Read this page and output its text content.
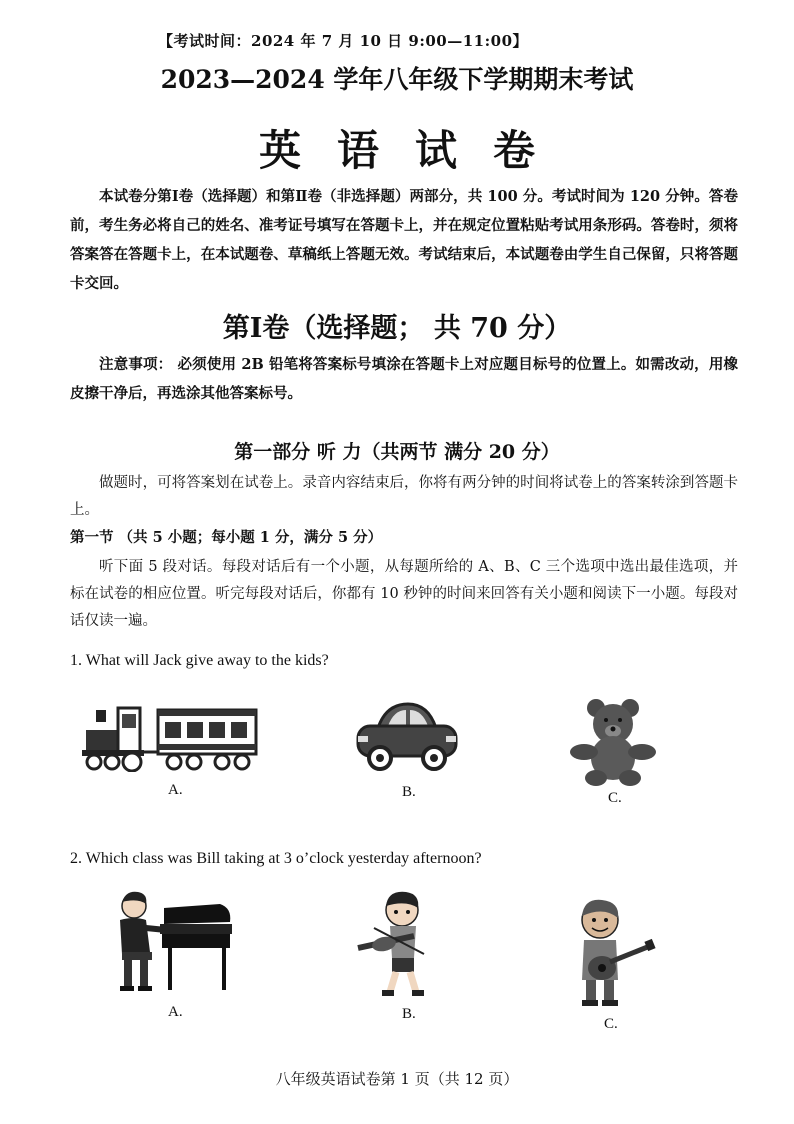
【考试时间：2024 年 7 月 10 日 9:00—11:00】
2023—2024 学年八年级下学期期末考试
英语试卷
本试卷分第Ⅰ卷（选择题）和第Ⅱ卷（非选择题）两部分，共 100 分。考试时间为 120 分钟。答卷前，考生务必将自己的姓名、准考证号填写在答题卡上，并在规定位置粘贴考试用条形码。答卷时，须将答案答在答题卡上，在本试题卷、草稿纸上答题无效。考试结束后，本试题卷由学生自己保留，只将答题卡交回。
第Ⅰ卷（选择题； 共 70 分）
注意事项： 必须使用 2B 铅笔将答案标号填涂在答题卡上对应题目标号的位置上。如需改动，用橡皮擦干净后，再选涂其他答案标号。
第一部分 听 力（共两节 满分 20 分）
做题时，可将答案划在试卷上。录音内容结束后，你将有两分钟的时间将试卷上的答案转涂到答题卡上。
第一节 （共 5 小题；每小题 1 分，满分 5 分）
听下面 5 段对话。每段对话后有一个小题，从每题所给的 A、B、C 三个选项中选出最佳选项，并标在试卷的相应位置。听完每段对话后，你都有 10 秒钟的时间来回答有关小题和阅读下一小题。每段对话仅读一遍。
1. What will Jack give away to the kids?
A.	B.	C.
2. Which class was Bill taking at 3 o’clock yesterday afternoon?
A.	B.
C.
八年级英语试卷第 1 页（共 12 页）
